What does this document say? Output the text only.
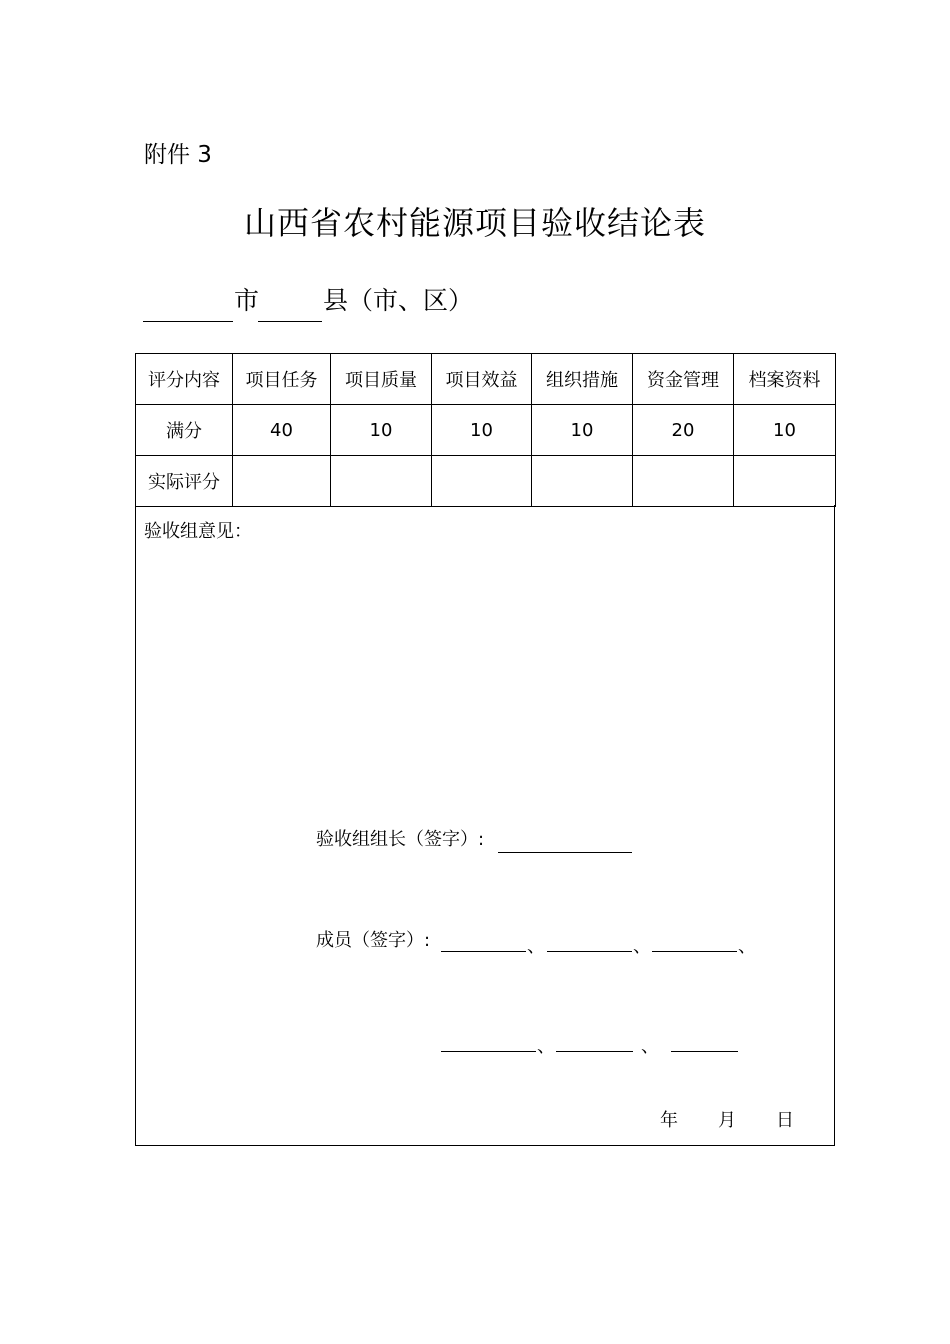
附件 3
山西省农村能源项目验收结论表
市	县（市、区）
评分内容	项目任务	项目质量	项目效益	组织措施	资金管理	档案资料
满分	40	10	10	10	20	10
实际评分						
验收组意见：
验收组组长（签字）:
成员（签字）:	、	、	、
、	、
年 月 日
